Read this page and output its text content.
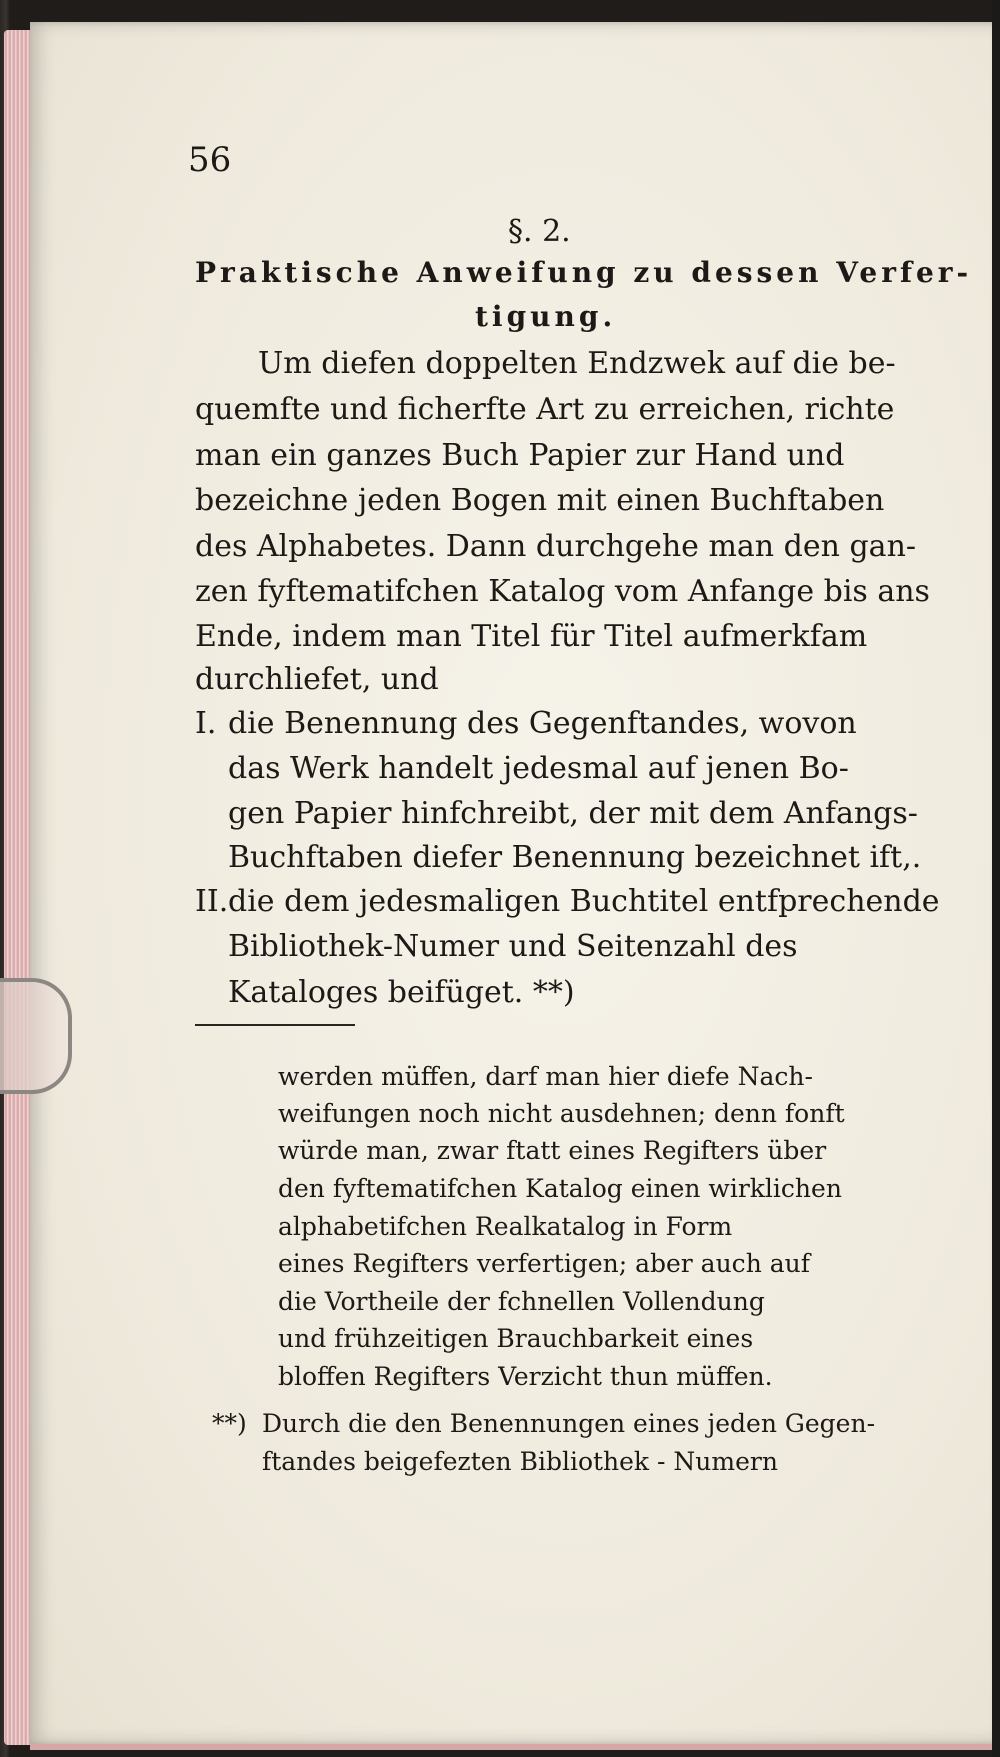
56
§. 2.
Praktische Anweifung zu dessen Verfer-
tigung.
Um diefen doppelten Endzwek auf die be-
quemfte und ficherfte Art zu erreichen, richte
man ein ganzes Buch Papier zur Hand und
bezeichne jeden Bogen mit einen Buchftaben
des Alphabetes. Dann durchgehe man den gan-
zen fyftematifchen Katalog vom Anfange bis ans
Ende, indem man Titel für Titel aufmerkfam
durchliefet, und
I. die Benennung des Gegenftandes, wovon
das Werk handelt jedesmal auf jenen Bo-
gen Papier hinfchreibt, der mit dem Anfangs-
Buchftaben diefer Benennung bezeichnet ift,.
II. die dem jedesmaligen Buchtitel entfprechende
Bibliothek-Numer und Seitenzahl des
Kataloges beifüget. **)
werden müffen, darf man hier diefe Nach-
weifungen noch nicht ausdehnen; denn fonft
würde man, zwar ftatt eines Regifters über
den fyftematifchen Katalog einen wirklichen
alphabetifchen Realkatalog in Form
eines Regifters verfertigen; aber auch auf
die Vortheile der fchnellen Vollendung
und frühzeitigen Brauchbarkeit eines
bloffen Regifters Verzicht thun müffen.
**) Durch die den Benennungen eines jeden Gegen-
ftandes beigefezten Bibliothek - Numern
